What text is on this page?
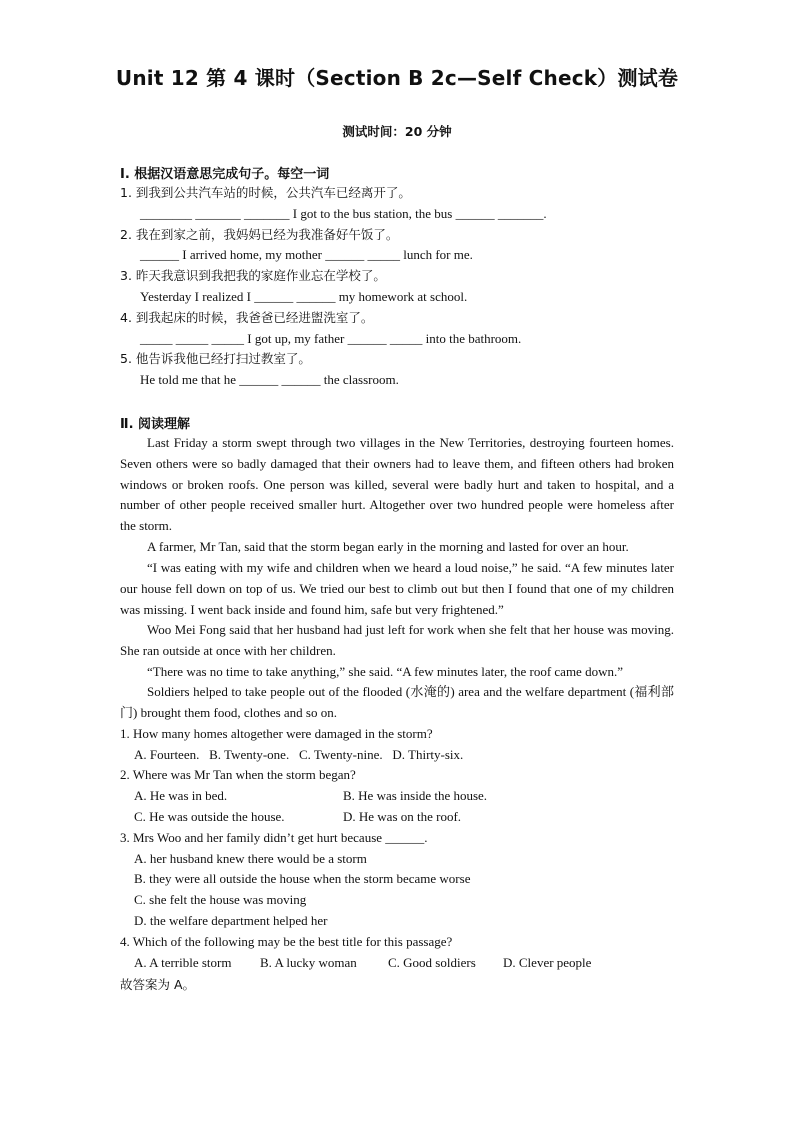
Unit 12 第 4 课时（Section B 2c—Self Check）测试卷
测试时间：20 分钟
Ⅰ. 根据汉语意思完成句子。每空一词
1. 到我到公共汽车站的时候，公共汽车已经离开了。
________ _______ _______ I got to the bus station, the bus ______ _______.
2. 我在到家之前，我妈妈已经为我准备好午饭了。
______ I arrived home, my mother ______ _____ lunch for me.
3. 昨天我意识到我把我的家庭作业忘在学校了。
Yesterday I realized I ______ ______ my homework at school.
4. 到我起床的时候，我爸爸已经进盥洗室了。
_____ _____ _____ I got up, my father ______ _____ into the bathroom.
5. 他告诉我他已经打扫过教室了。
He told me that he ______ ______ the classroom.
Ⅱ. 阅读理解

Last Friday a storm swept through two villages in the New Territories, destroying fourteen homes. Seven others were so badly damaged that their owners had to leave them, and fifteen others had broken windows or broken roofs. One person was killed, several were badly hurt and taken to hospital, and a number of other people received smaller hurt. Altogether over two hundred people were homeless after the storm.

A farmer, Mr Tan, said that the storm began early in the morning and lasted for over an hour.

“I was eating with my wife and children when we heard a loud noise,” he said. “A few minutes later our house fell down on top of us. We tried our best to climb out but then I found that one of my children was missing. I went back inside and found him, safe but very frightened.”

Woo Mei Fong said that her husband had just left for work when she felt that her house was moving. She ran outside at once with her children.

“There was no time to take anything,” she said. “A few minutes later, the roof came down.”

Soldiers helped to take people out of the flooded (水淹的) area and the welfare department (福利部门) brought them food, clothes and so on.

1. How many homes altogether were damaged in the storm?
A. Fourteen.   B. Twenty-one.   C. Twenty-nine.   D. Thirty-six.
2. Where was Mr Tan when the storm began?
A. He was in bed.	B. He was inside the house.
C. He was outside the house.	D. He was on the roof.
3. Mrs Woo and her family didn’t get hurt because ______.
A. her husband knew there would be a storm
B. they were all outside the house when the storm became worse
C. she felt the house was moving
D. the welfare department helped her
4. Which of the following may be the best title for this passage?
A. A terrible storm B. A lucky woman C. Good soldiers D. Clever people
故答案为 A。
